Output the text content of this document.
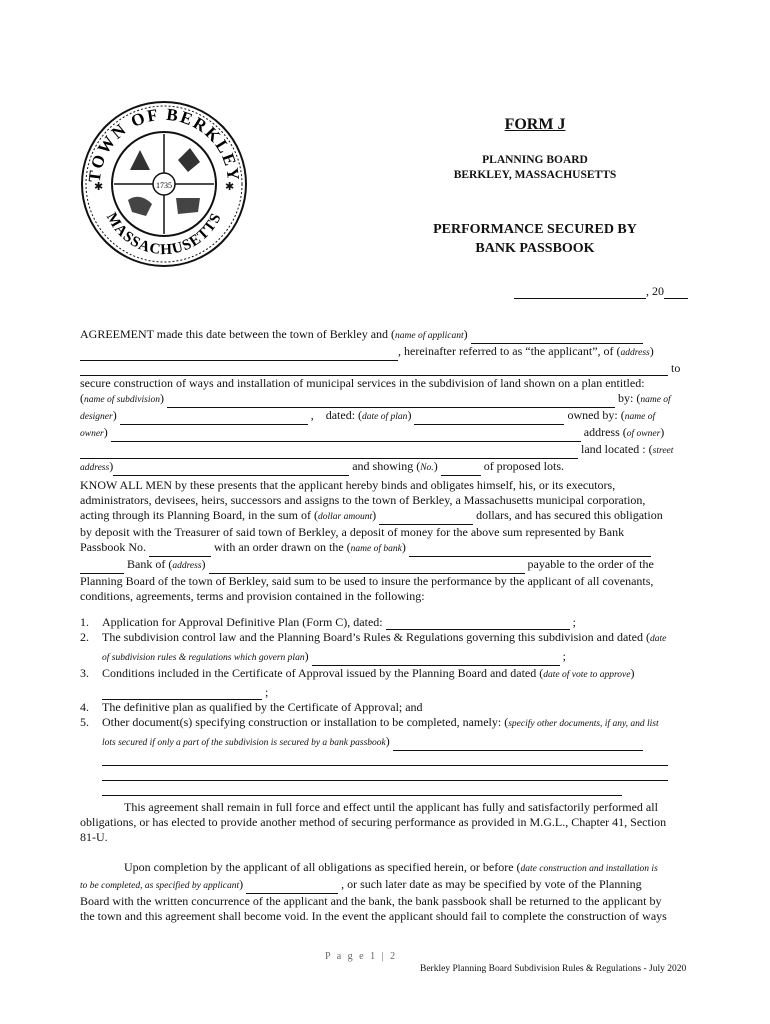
TOWN OF BERKLEY
MASSACHUSETTS
✱	✱
1735
FORM J
PLANNING BOARD
BERKLEY, MASSACHUSETTS
PERFORMANCE SECURED BY
BANK PASSBOOK
, 20
AGREEMENT made this date between the town of Berkley and (name of applicant)
, hereinafter referred to as “the applicant”, of (address)
to
secure construction of ways and installation of municipal services in the subdivision of land shown on a plan entitled:
(name of subdivision)	by: (name of
designer)	,    dated: (date of plan)	owned by: (name of
owner)	address (of owner)
land located : (street
address)	and showing (No.)	of proposed lots.
KNOW ALL MEN by these presents that the applicant hereby binds and obligates himself, his, or its executors,
administrators, devisees, heirs, successors and assigns to the town of Berkley, a Massachusetts municipal corporation,
acting through its Planning Board, in the sum of (dollar amount)	dollars, and has secured this obligation
by deposit with the Treasurer of said town of Berkley, a deposit of money for the above sum represented by Bank
Passbook No.	with an order drawn on the (name of bank)
Bank of (address)	payable to the order of the
Planning Board of the town of Berkley, said sum to be used to insure the performance by the applicant of all covenants,
conditions, agreements, terms and provision contained in the following:
1. Application for Approval Definitive Plan (Form C), dated:	;
2. The subdivision control law and the Planning Board’s Rules & Regulations governing this subdivision and dated (date
of subdivision rules & regulations which govern plan)	;
3. Conditions included in the Certificate of Approval issued by the Planning Board and dated (date of vote to approve)
;
4. The definitive plan as qualified by the Certificate of Approval; and
5. Other document(s) specifying construction or installation to be completed, namely: (specify other documents, if any, and list
lots secured if only a part of the subdivision is secured by a bank passbook)
This agreement shall remain in full force and effect until the applicant has fully and satisfactorily performed all
obligations, or has elected to provide another method of securing performance as provided in M.G.L., Chapter 41, Section
81-U.
Upon completion by the applicant of all obligations as specified herein, or before (date construction and installation is
to be completed, as specified by applicant)	, or such later date as may be specified by vote of the Planning
Board with the written concurrence of the applicant and the bank, the bank passbook shall be returned to the applicant by
the town and this agreement shall become void. In the event the applicant should fail to complete the construction of ways
P a g e 1 | 2
Berkley Planning Board Subdivision Rules & Regulations - July 2020
